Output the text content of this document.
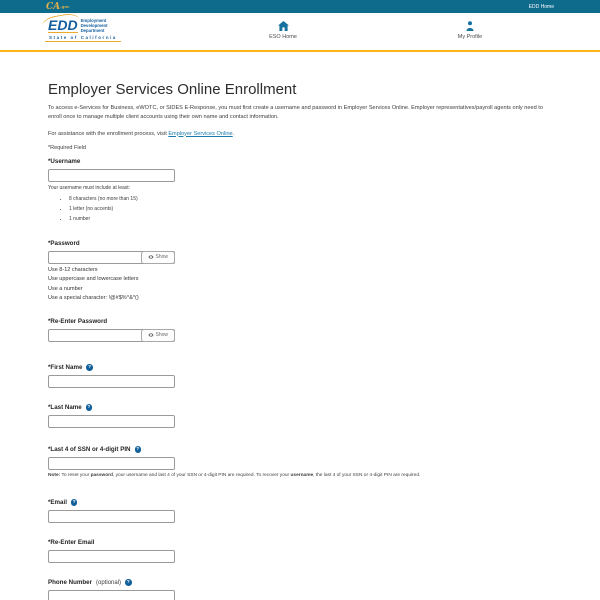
CA.gov	EDD Home
EDD Employment
Development
Department
State of California	ESO Home	My Profile
Employer Services Online Enrollment

To access e-Services for Business, eWOTC, or SIDES E-Response, you must first create a username and password in Employer Services Online. Employer representatives/payroll agents only need to enroll once to manage multiple client accounts using their own name and contact information.

For assistance with the enrollment process, visit Employer Services Online.

*Required Field
*Username
Your username must include at least:
• 8 characters (no more than 15)
• 1 letter (no accents)
• 1 number
*Password
Show
Use 8-12 characters
Use uppercase and lowercase letters
Use a number
Use a special character: !@#$%^&*()
*Re-Enter Password
Show
*First Name	?
*Last Name	?
*Last 4 of SSN or 4-digit PIN	?
Note: To reset your password, your username and last 4 of your SSN or 4-digit PIN are required. To recover your username, the last 4 of your SSN or 4-digit PIN are required.
*Email	?
*Re-Enter Email
Phone Number (optional)	?
